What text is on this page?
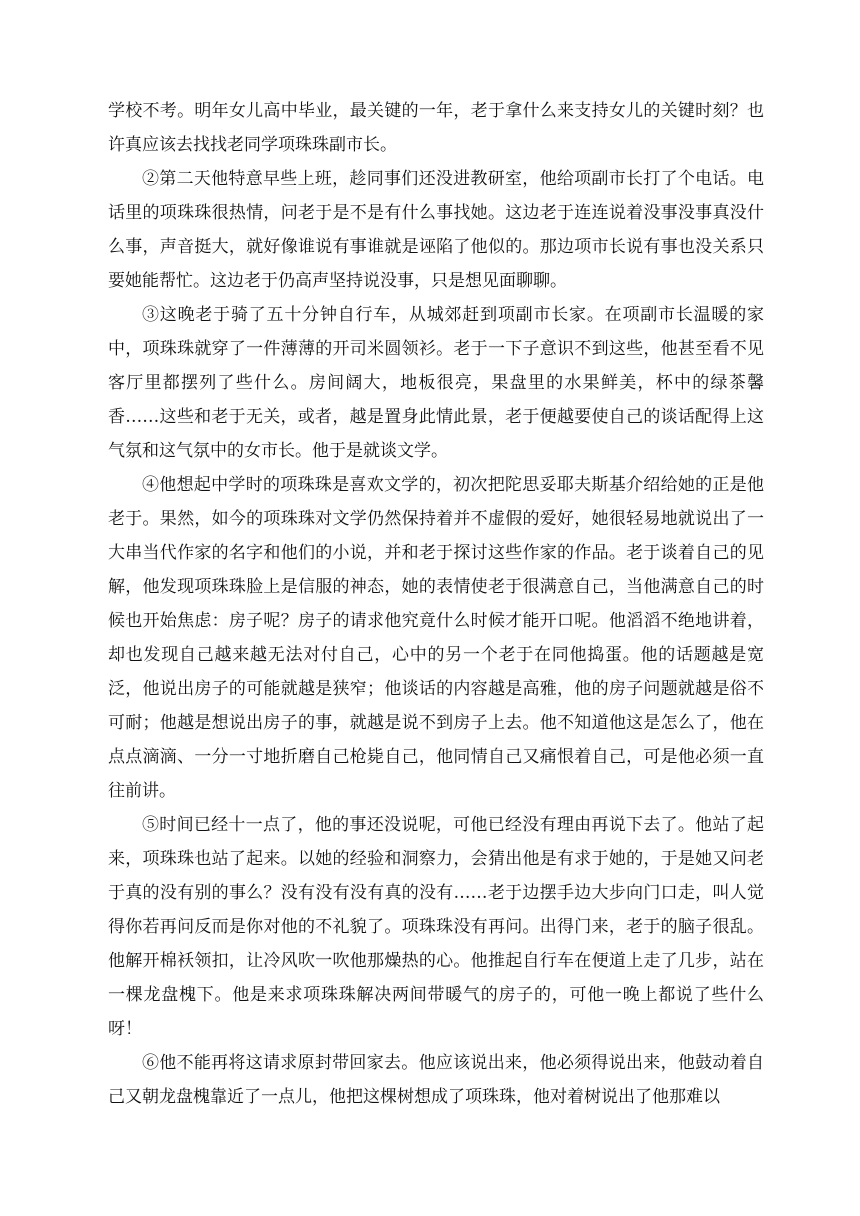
学校不考。明年女儿高中毕业，最关键的一年，老于拿什么来支持女儿的关键时刻？也许真应该去找找老同学项珠珠副市长。

②第二天他特意早些上班，趁同事们还没进教研室，他给项副市长打了个电话。电话里的项珠珠很热情，问老于是不是有什么事找她。这边老于连连说着没事没事真没什么事，声音挺大，就好像谁说有事谁就是诬陷了他似的。那边项市长说有事也没关系只要她能帮忙。这边老于仍高声坚持说没事，只是想见面聊聊。

③这晚老于骑了五十分钟自行车，从城郊赶到项副市长家。在项副市长温暖的家中，项珠珠就穿了一件薄薄的开司米圆领衫。老于一下子意识不到这些，他甚至看不见客厅里都摆列了些什么。房间阔大，地板很亮，果盘里的水果鲜美，杯中的绿茶馨香……这些和老于无关，或者，越是置身此情此景，老于便越要使自己的谈话配得上这气氛和这气氛中的女市长。他于是就谈文学。

④他想起中学时的项珠珠是喜欢文学的，初次把陀思妥耶夫斯基介绍给她的正是他老于。果然，如今的项珠珠对文学仍然保持着并不虚假的爱好，她很轻易地就说出了一大串当代作家的名字和他们的小说，并和老于探讨这些作家的作品。老于谈着自己的见解，他发现项珠珠脸上是信服的神态，她的表情使老于很满意自己，当他满意自己的时候也开始焦虑：房子呢？房子的请求他究竟什么时候才能开口呢。他滔滔不绝地讲着，却也发现自己越来越无法对付自己，心中的另一个老于在同他捣蛋。他的话题越是宽泛，他说出房子的可能就越是狭窄；他谈话的内容越是高雅，他的房子问题就越是俗不可耐；他越是想说出房子的事，就越是说不到房子上去。他不知道他这是怎么了，他在点点滴滴、一分一寸地折磨自己枪毙自己，他同情自己又痛恨着自己，可是他必须一直往前讲。

⑤时间已经十一点了，他的事还没说呢，可他已经没有理由再说下去了。他站了起来，项珠珠也站了起来。以她的经验和洞察力，会猜出他是有求于她的，于是她又问老于真的没有别的事么？没有没有没有真的没有……老于边摆手边大步向门口走，叫人觉得你若再问反而是你对他的不礼貌了。项珠珠没有再问。出得门来，老于的脑子很乱。他解开棉袄领扣，让冷风吹一吹他那燥热的心。他推起自行车在便道上走了几步，站在一棵龙盘槐下。他是来求项珠珠解决两间带暖气的房子的，可他一晚上都说了些什么呀！

⑥他不能再将这请求原封带回家去。他应该说出来，他必须得说出来，他鼓动着自己又朝龙盘槐靠近了一点儿，他把这棵树想成了项珠珠，他对着树说出了他那难以
